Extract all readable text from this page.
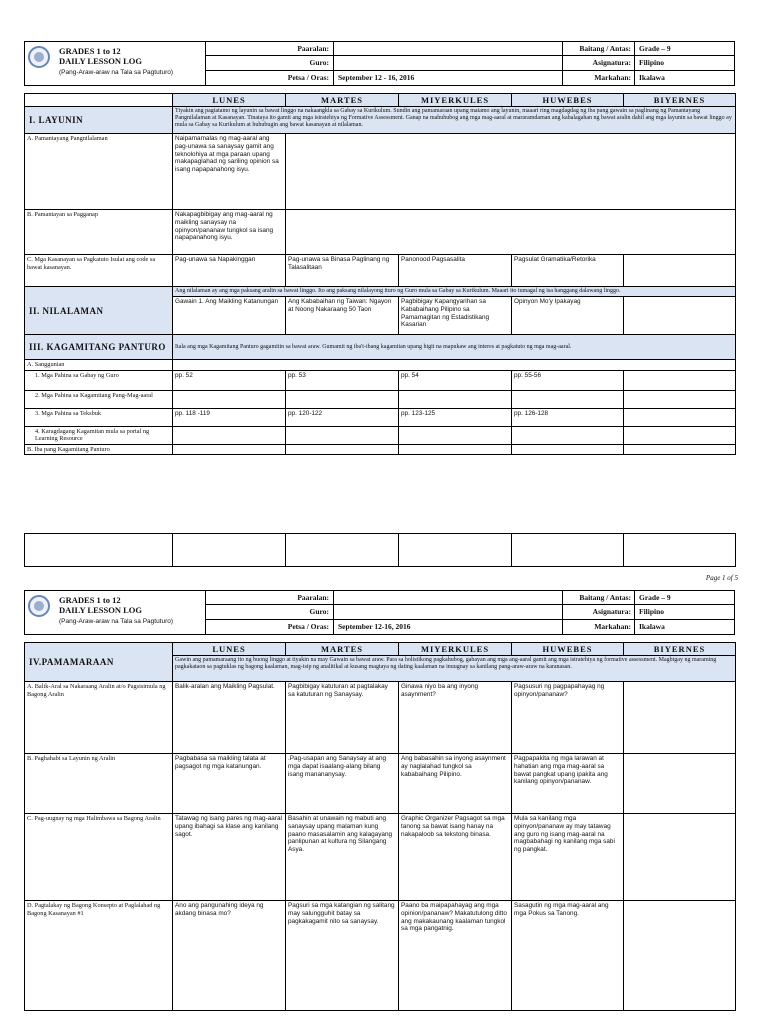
GRADES 1 to 12
DAILY LESSON LOG
(Pang-Araw-araw na Tala sa Pagtuturo)
Paaralan:	Baitang / Antas:	Grade – 9
Guro:	Asignatura:	Filipino
Petsa / Oras:	September 12 - 16, 2016	Markahan:	Ikalawa
	LUNES	MARTES	MIYERKULES	HUWEBES	BIYERNES
I. LAYUNIN	Tiyakin ang pagtatamo ng layunin sa bawat linggo na nakaangkla sa Gabay sa Kurikulum. Sundin ang pamamaraan upang matamo ang layunin, maaari ring magdagdag ng iba pang gawain sa paglinang ng Pamantayang Pangnilalaman at Kasanayan. Tinataya ito gamit ang mga istratehiya ng Formative Assessment. Ganap na mahuhubog ang mga mag-aaral at mararamdaman ang kahalagahan ng bawat aralin dahil ang mga layunin sa bawat linggo ay mula sa Gabay sa Kurikulum at huhubugin ang bawat kasanayan at nilalaman.				
A. Pamantayang Pangnilalaman	Naipamamalas ng mag-aaral ang pag-unawa sa sanaysay gamit ang teknolohiya at mga paraan upang makapaglahad ng sariling opinion sa isang napapanahong isyu.				
B. Pamantayan sa Pagganap	Nakapagbibigay ang mag-aaral ng maikling sanaysay na opinyon/pananaw tungkol sa isang napapanahong isyu.				
C. Mga Kasanayan sa Pagkatuto Isulat ang code sa bawat kasanayan.	Pag-unawa sa Napakinggan	Pag-unawa sa Binasa Paglinang ng Talasalitaan	Panonood Pagsasalita	Pagsulat Gramatika/Retorika	
II. NILALAMAN	Ang nilalaman ay ang mga paksang aralin sa bawat linggo. Ito ang paksang nilalayong ituro ng Guro mula sa Gabay sa Kurikulum. Maaari ito tumagal ng isa hanggang dalawang linggo.				
	Gawain 1. Ang Maikling Katanungan	Ang Kababaihan ng Taiwan: Ngayon at Noong Nakaraang 50 Taon	Pagbibigay Kapangyarihan sa Kababaihang Pilipino sa Pamamagitan ng Estadistikang Kasarian	Opinyon Mo'y Ipakayag	
III. KAGAMITANG PANTURO	Itala ang mga Kagamitang Panturo gagamitin sa bawat araw. Gumamit ng iba't-ibang kagamitan upang higit na mapukaw ang interes at pagkatuto ng mga mag-aaral.				
A. Sanggunian					
1. Mga Pahina sa Gabay ng Guro	pp. 52	pp. 53	pp. 54	pp. 55-56	
2. Mga Pahina sa Kagamitang Pang-Mag-aaral					
3. Mga Pahina sa Teksbuk	pp. 118 -119	pp. 120-122	pp. 123-125	pp. 126-128	
4. Karagdagang Kagamitan mula sa portal ng Learning Resource					
B. Iba pang Kagamitang Panturo					

Page 1 of 5
GRADES 1 to 12
DAILY LESSON LOG
(Pang-Araw-araw na Tala sa Pagtuturo)
Paaralan:	Baitang / Antas:	Grade – 9
Guro:	Asignatura:	Filipino
Petsa / Oras:	September 12-16, 2016	Markahan:	Ikalawa
IV.PAMAMARAAN	LUNES	MARTES	MIYERKULES	HUWEBES	BIYERNES
	Gawin ang pamamaraang ito ng buong linggo at tiyakin na may Gawain sa bawat araw. Para sa holistikong pagkahubog, gabayan ang mga ang-aaral gamit ang mga istratehiya ng formative assessment. Magbigay ng maraming pagkakataon sa pagtuklas ng bagong kaalaman, mag-isip ng analitikal at kusang magtaya ng dating kaalaman na inuugnay sa kanilang pang-araw-araw na karanasan.				
A. Balik-Aral sa Nakaraang Aralin at/o Pagsisimula ng Bagong Aralin	Balik-aralan ang Maikling Pagsulat.	Pagbibigay katuturan at pagtalakay sa katuturan ng Sanaysay.	Ginawa niyo ba ang inyong asaynment?	Pagsusuri ng pagpapahayag ng opinyon/pananaw?	
B. Paghahabi sa Layunin ng Aralin	Pagbabasa sa maikling talata at pagsagot ng mga katanungan.	.Pag-usapan ang Sanaysay at ang mga dapat isaalang-alang bilang isang manananysay.	Ang babasahin sa inyong asaynment ay naglalahad tungkol sa kababaihang Pilipino.	Pagpapakita ng mga larawan at hahatian ang mga mag-aaral sa bawat pangkat upang ipakita ang kanilang opinyon/pananaw.	
C. Pag-uugnay ng mga Halimbawa sa Bagong Aralin	Tatawag ng isang pares ng mag-aaral upang ibahagi sa klase ang kanilang sagot.	Basahin at unawain ng mabuti ang sanaysay upang malaman kung paano masasalamin ang kalagayang panlipunan at kultura ng Silangang Asya.	Graphic Organizer Pagsagot sa mga tanong sa bawat isang hanay na nakapaloob sa tekstong binasa.	Mula sa kanilang mga opinyon/pananaw ay may tatawag ang guro ng isang mag-aaral na magbabahagi ng kanilang mga sabi ng pangkat.	
D. Pagtalakay ng Bagong Konsepto at Paglalahad ng Bagong Kasanayan #1	Ano ang pangunahing ideya ng akdang binasa mo?	Pagsuri sa mga katangian ng salitang may salungguhit batay sa pagkakagamit nito sa sanaysay.	Paano ba maipapahayag ang mga opinion/pananaw? Makatutulong ditto ang makakaunang kaalaman tungkol sa mga pangatnig.	Sasagutin ng mga mag-aaral ang mga Pokus sa Tanong.	
